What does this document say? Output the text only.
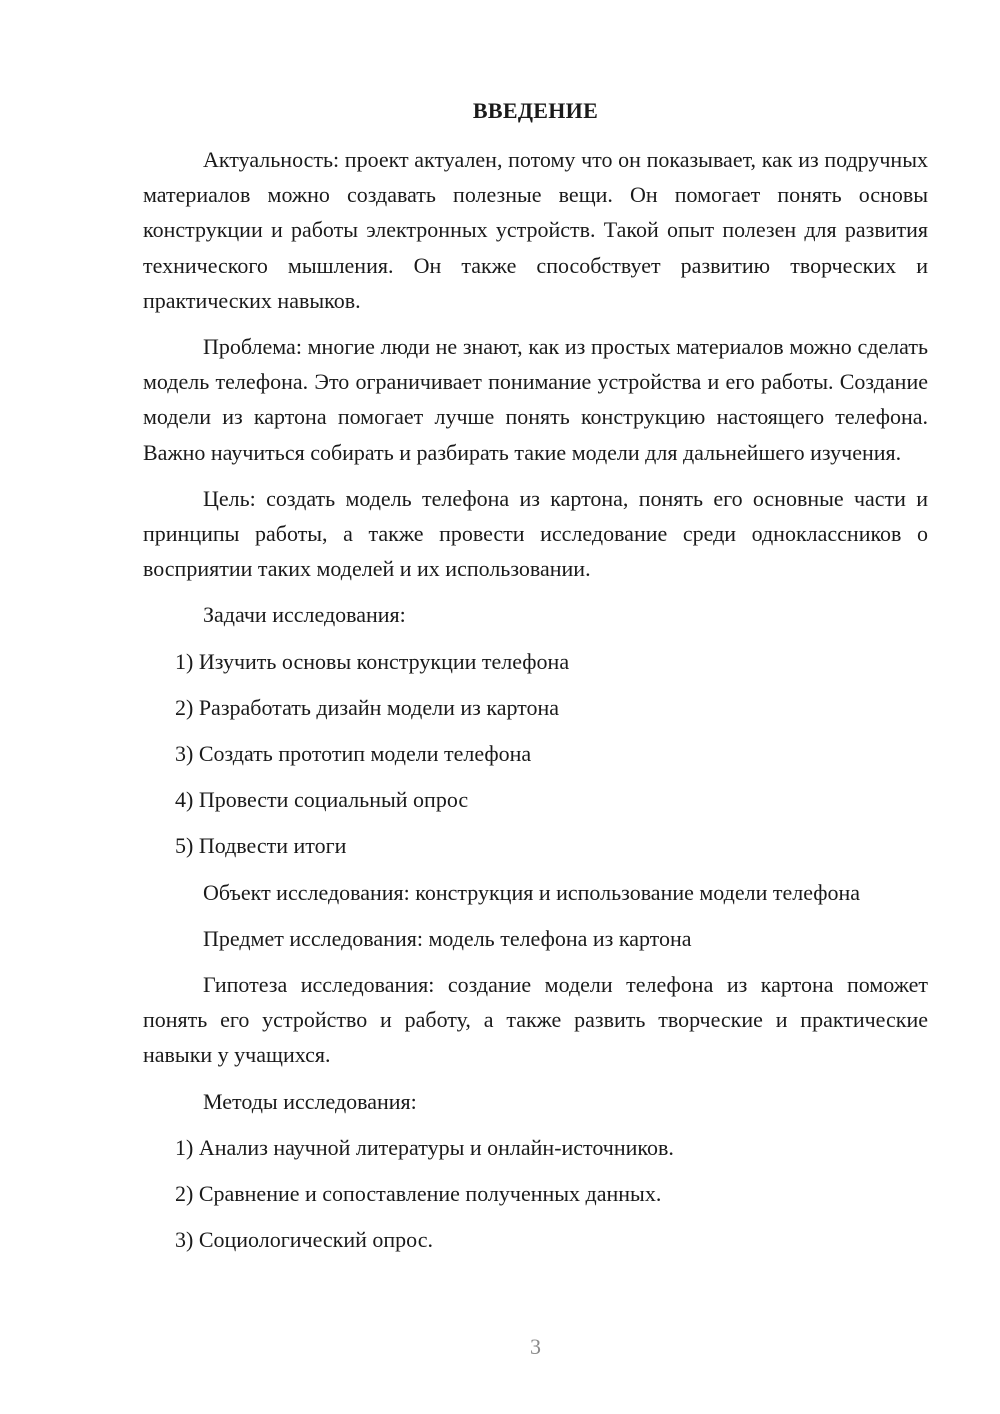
ВВЕДЕНИЕ

Актуальность: проект актуален, потому что он показывает, как из подручных материалов можно создавать полезные вещи. Он помогает понять основы конструкции и работы электронных устройств. Такой опыт полезен для развития технического мышления. Он также способствует развитию творческих и практических навыков.

Проблема: многие люди не знают, как из простых материалов можно сделать модель телефона. Это ограничивает понимание устройства и его работы. Создание модели из картона помогает лучше понять конструкцию настоящего телефона. Важно научиться собирать и разбирать такие модели для дальнейшего изучения.

Цель: создать модель телефона из картона, понять его основные части и принципы работы, а также провести исследование среди одноклассников о восприятии таких моделей и их использовании.

Задачи исследования:

1) Изучить основы конструкции телефона
2) Разработать дизайн модели из картона
3) Создать прототип модели телефона
4) Провести социальный опрос
5) Подвести итоги

Объект исследования: конструкция и использование модели телефона

Предмет исследования: модель телефона из картона

Гипотеза исследования: создание модели телефона из картона поможет понять его устройство и работу, а также развить творческие и практические навыки у учащихся.

Методы исследования:

1) Анализ научной литературы и онлайн-источников.
2) Сравнение и сопоставление полученных данных.
3) Социологический опрос.
3
